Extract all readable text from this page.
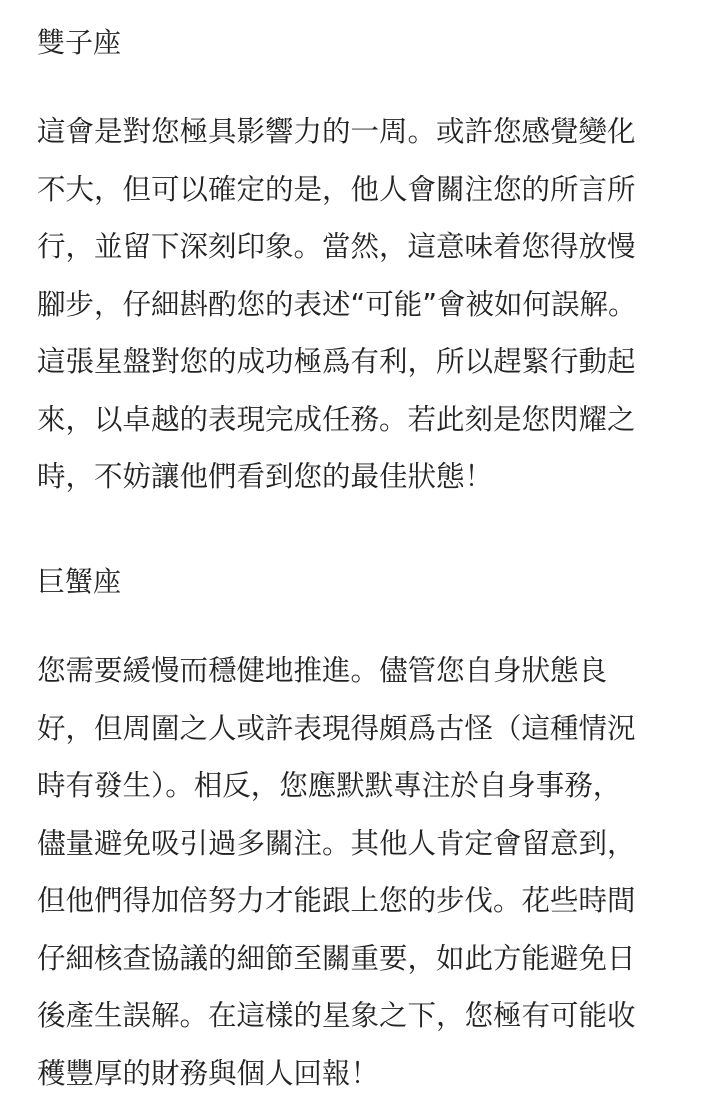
雙子座

這會是對您極具影響力的一周。或許您感覺變化
不大，但可以確定的是，他人會關注您的所言所
行，並留下深刻印象。當然，這意味着您得放慢
腳步，仔細斟酌您的表述“可能”會被如何誤解。
這張星盤對您的成功極爲有利，所以趕緊行動起
來，以卓越的表現完成任務。若此刻是您閃耀之
時，不妨讓他們看到您的最佳狀態！

巨蟹座

您需要緩慢而穩健地推進。儘管您自身狀態良
好，但周圍之人或許表現得頗爲古怪（這種情況
時有發生）。相反，您應默默專注於自身事務，
儘量避免吸引過多關注。其他人肯定會留意到，
但他們得加倍努力才能跟上您的步伐。花些時間
仔細核查協議的細節至關重要，如此方能避免日
後產生誤解。在這樣的星象之下，您極有可能收
穫豐厚的財務與個人回報！
